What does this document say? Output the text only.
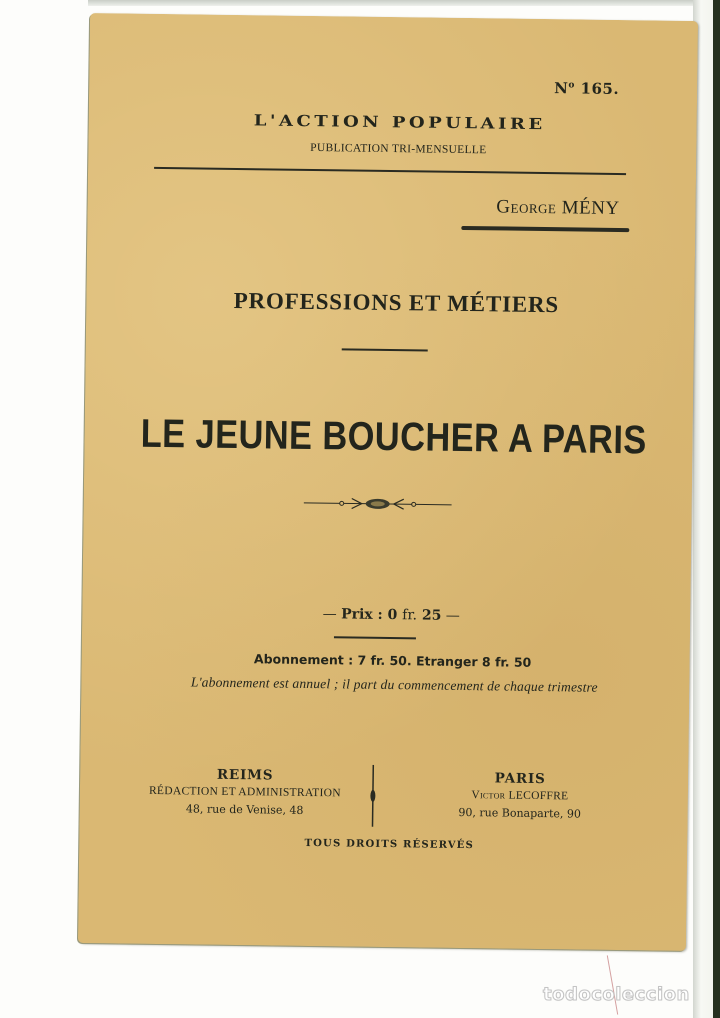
$N^o$ 165.
L'ACTION POPULAIRE
PUBLICATION TRI-MENSUELLE
George MÉNY
PROFESSIONS ET MÉTIERS
LE JEUNE BOUCHER A PARIS
— Prix : 0 fr. 25 —
Abonnement : 7 fr. 50. Etranger 8 fr. 50
L'abonnement est annuel ; il part du commencement de chaque trimestre
REIMS
RÉDACTION ET ADMINISTRATION
48, rue de Venise, 48
PARIS
Victor LECOFFRE
90, rue Bonaparte, 90
TOUS DROITS RÉSERVÉS
todocoleccion
